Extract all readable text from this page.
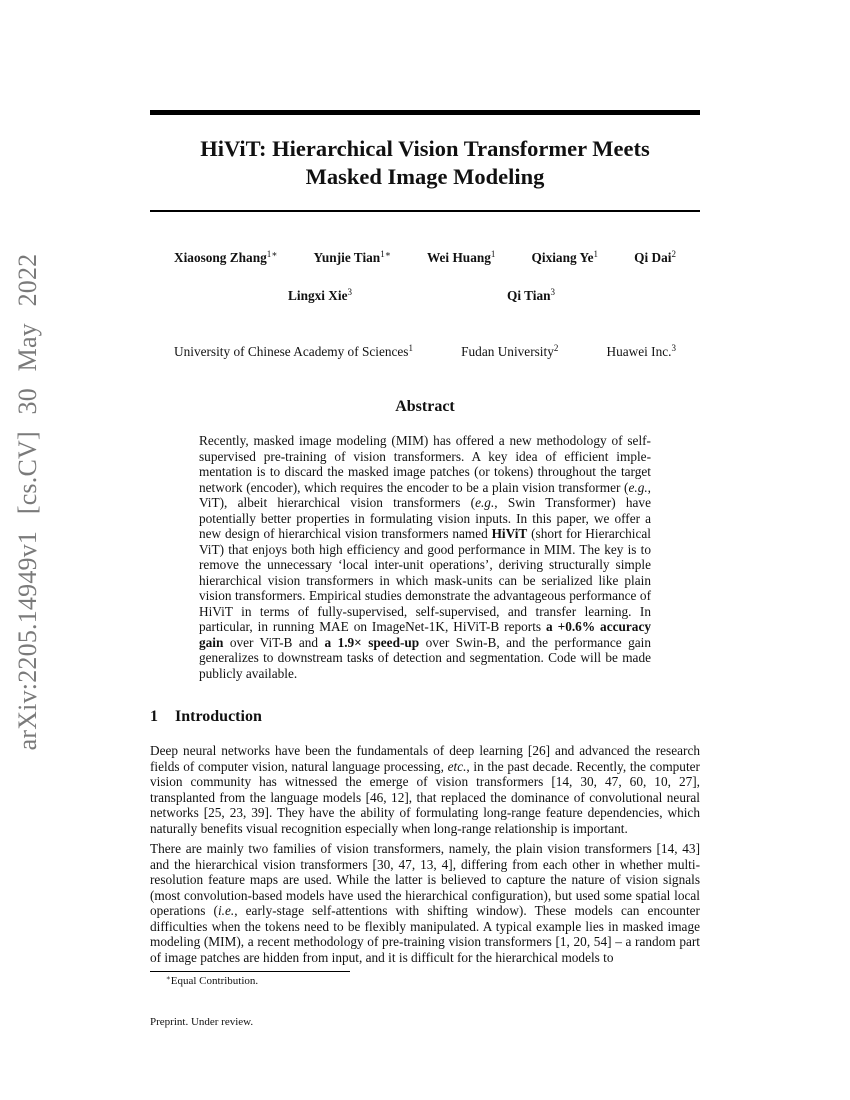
arXiv:2205.14949v1 [cs.CV] 30 May 2022
HiViT: Hierarchical Vision Transformer Meets
Masked Image Modeling
Xiaosong Zhang$^{1∗}$	Yunjie Tian$^{1∗}$	Wei Huang$^1$	Qixiang Ye$^1$	Qi Dai$^2$
Lingxi Xie$^3$	Qi Tian$^3$
University of Chinese Academy of Sciences$^1$	Fudan University$^2$	Huawei Inc.$^3$
Abstract
Recently, masked image modeling (MIM) has offered a new methodology of self-supervised pre-training of vision transformers. A key idea of efficient implementation is to discard the masked image patches (or tokens) throughout the target network (encoder), which requires the encoder to be a plain vision transformer (e.g., ViT), albeit hierarchical vision transformers (e.g., Swin Transformer) have potentially better properties in formulating vision inputs. In this paper, we offer a new design of hierarchical vision transformers named HiViT (short for Hierarchical ViT) that enjoys both high efficiency and good performance in MIM. The key is to remove the unnecessary ‘local inter-unit operations’, deriving structurally simple hierarchical vision transformers in which mask-units can be serialized like plain vision transformers. Empirical studies demonstrate the advantageous performance of HiViT in terms of fully-supervised, self-supervised, and transfer learning. In particular, in running MAE on ImageNet-1K, HiViT-B reports a +0.6% accuracy gain over ViT-B and a 1.9× speed-up over Swin-B, and the performance gain generalizes to downstream tasks of detection and segmentation. Code will be made publicly available.
1 Introduction
Deep neural networks have been the fundamentals of deep learning [26] and advanced the research fields of computer vision, natural language processing, etc., in the past decade. Recently, the computer vision community has witnessed the emerge of vision transformers [14, 30, 47, 60, 10, 27], transplanted from the language models [46, 12], that replaced the dominance of convolutional neural networks [25, 23, 39]. They have the ability of formulating long-range feature dependencies, which naturally benefits visual recognition especially when long-range relationship is important.
There are mainly two families of vision transformers, namely, the plain vision transformers [14, 43] and the hierarchical vision transformers [30, 47, 13, 4], differing from each other in whether multi-resolution feature maps are used. While the latter is believed to capture the nature of vision signals (most convolution-based models have used the hierarchical configuration), but used some spatial local operations (i.e., early-stage self-attentions with shifting window). These models can encounter difficulties when the tokens need to be flexibly manipulated. A typical example lies in masked image modeling (MIM), a recent methodology of pre-training vision transformers [1, 20, 54] – a random part of image patches are hidden from input, and it is difficult for the hierarchical models to
∗Equal Contribution.
Preprint. Under review.
